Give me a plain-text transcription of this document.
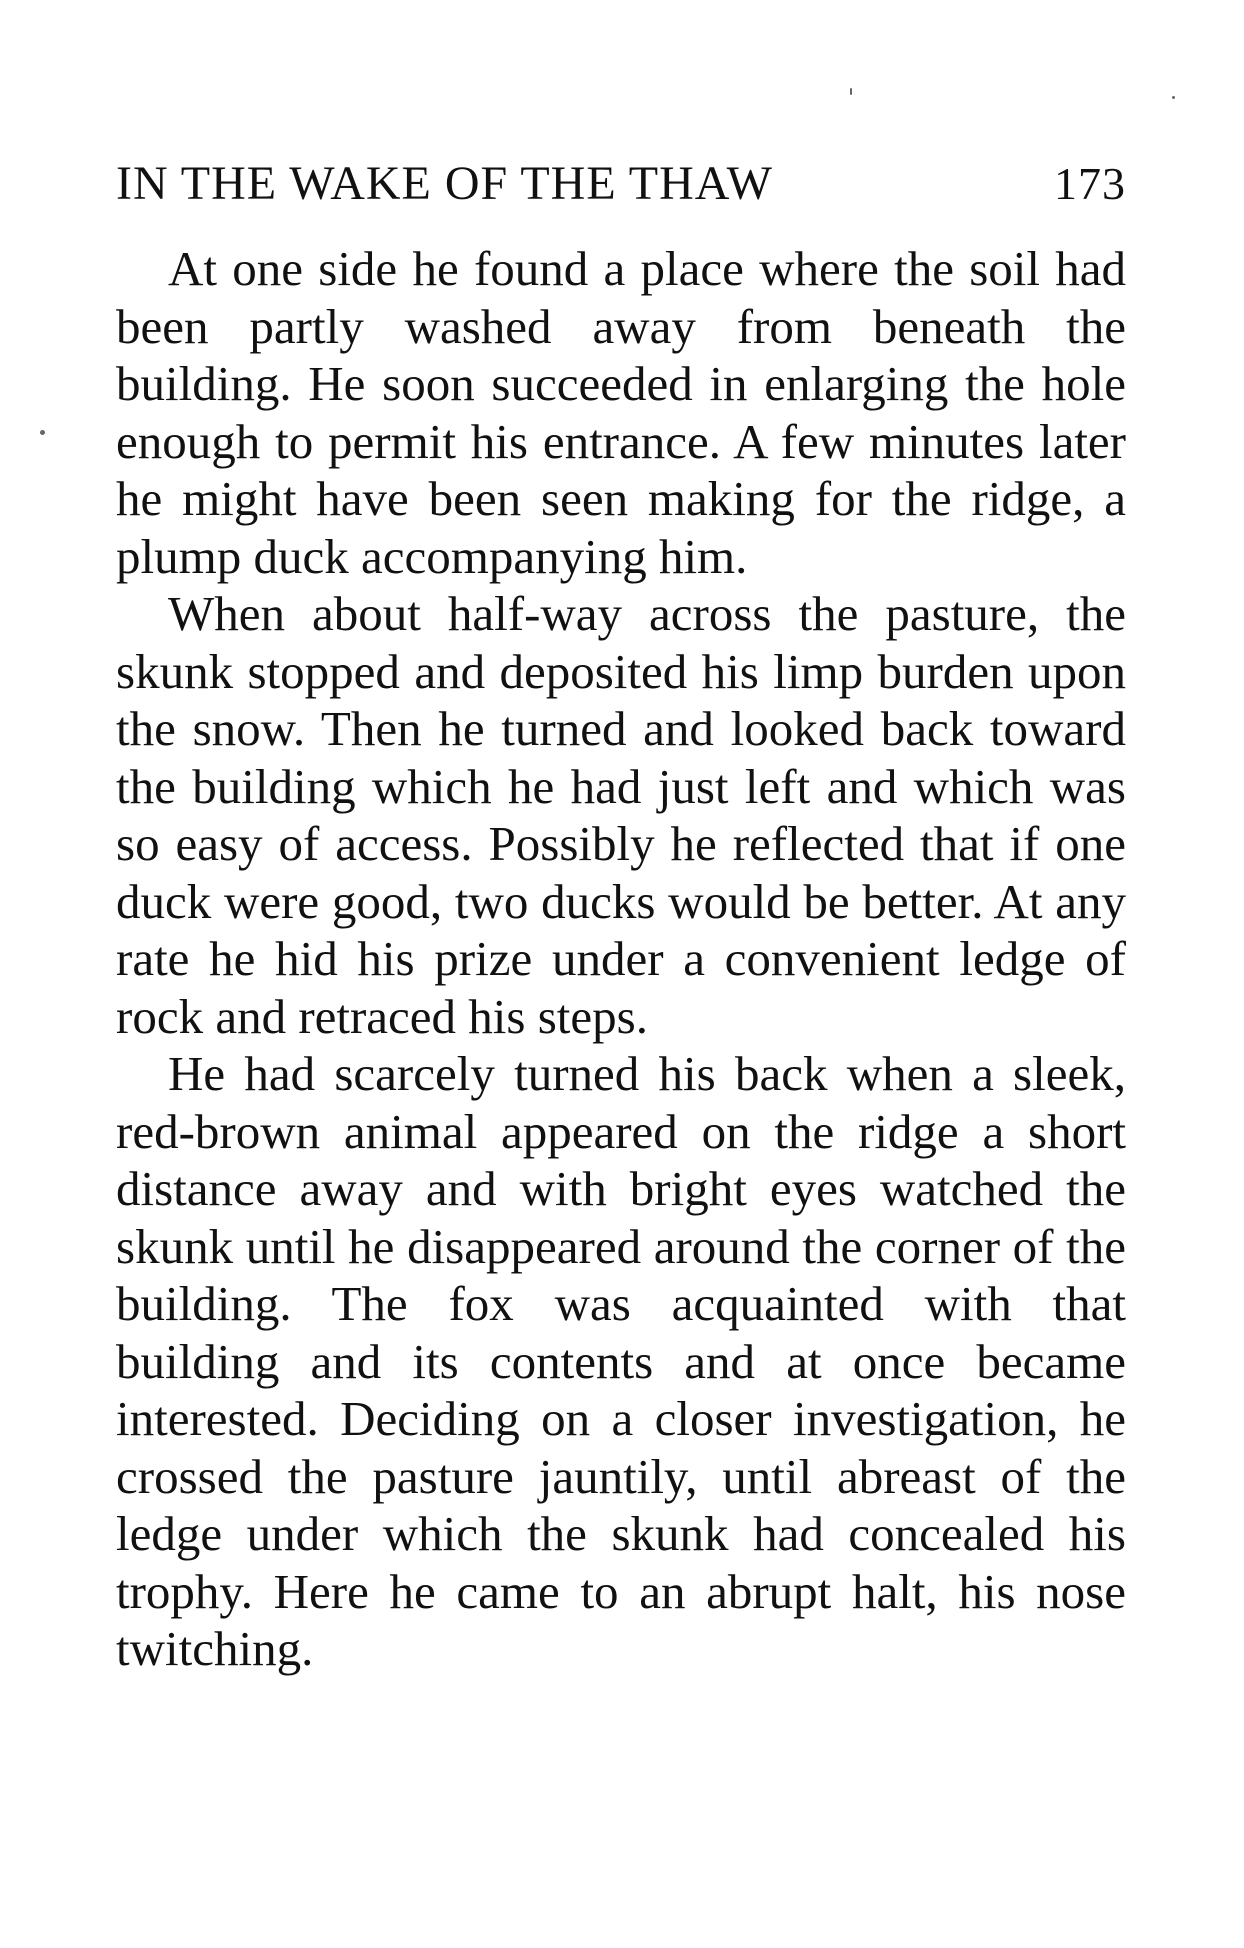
IN THE WAKE OF THE THAW	173

At one side he found a place where the soil had been partly washed away from beneath the building. He soon succeeded in enlarging the hole enough to permit his entrance. A few minutes later he might have been seen making for the ridge, a plump duck accompanying him.

When about half-way across the pasture, the skunk stopped and deposited his limp burden upon the snow. Then he turned and looked back toward the building which he had just left and which was so easy of access. Possibly he reflected that if one duck were good, two ducks would be better. At any rate he hid his prize under a convenient ledge of rock and retraced his steps.

He had scarcely turned his back when a sleek, red-brown animal appeared on the ridge a short distance away and with bright eyes watched the skunk until he disappeared around the corner of the building. The fox was acquainted with that building and its contents and at once became interested. Deciding on a closer investigation, he crossed the pasture jauntily, until abreast of the ledge under which the skunk had concealed his trophy. Here he came to an abrupt halt, his nose twitching.
